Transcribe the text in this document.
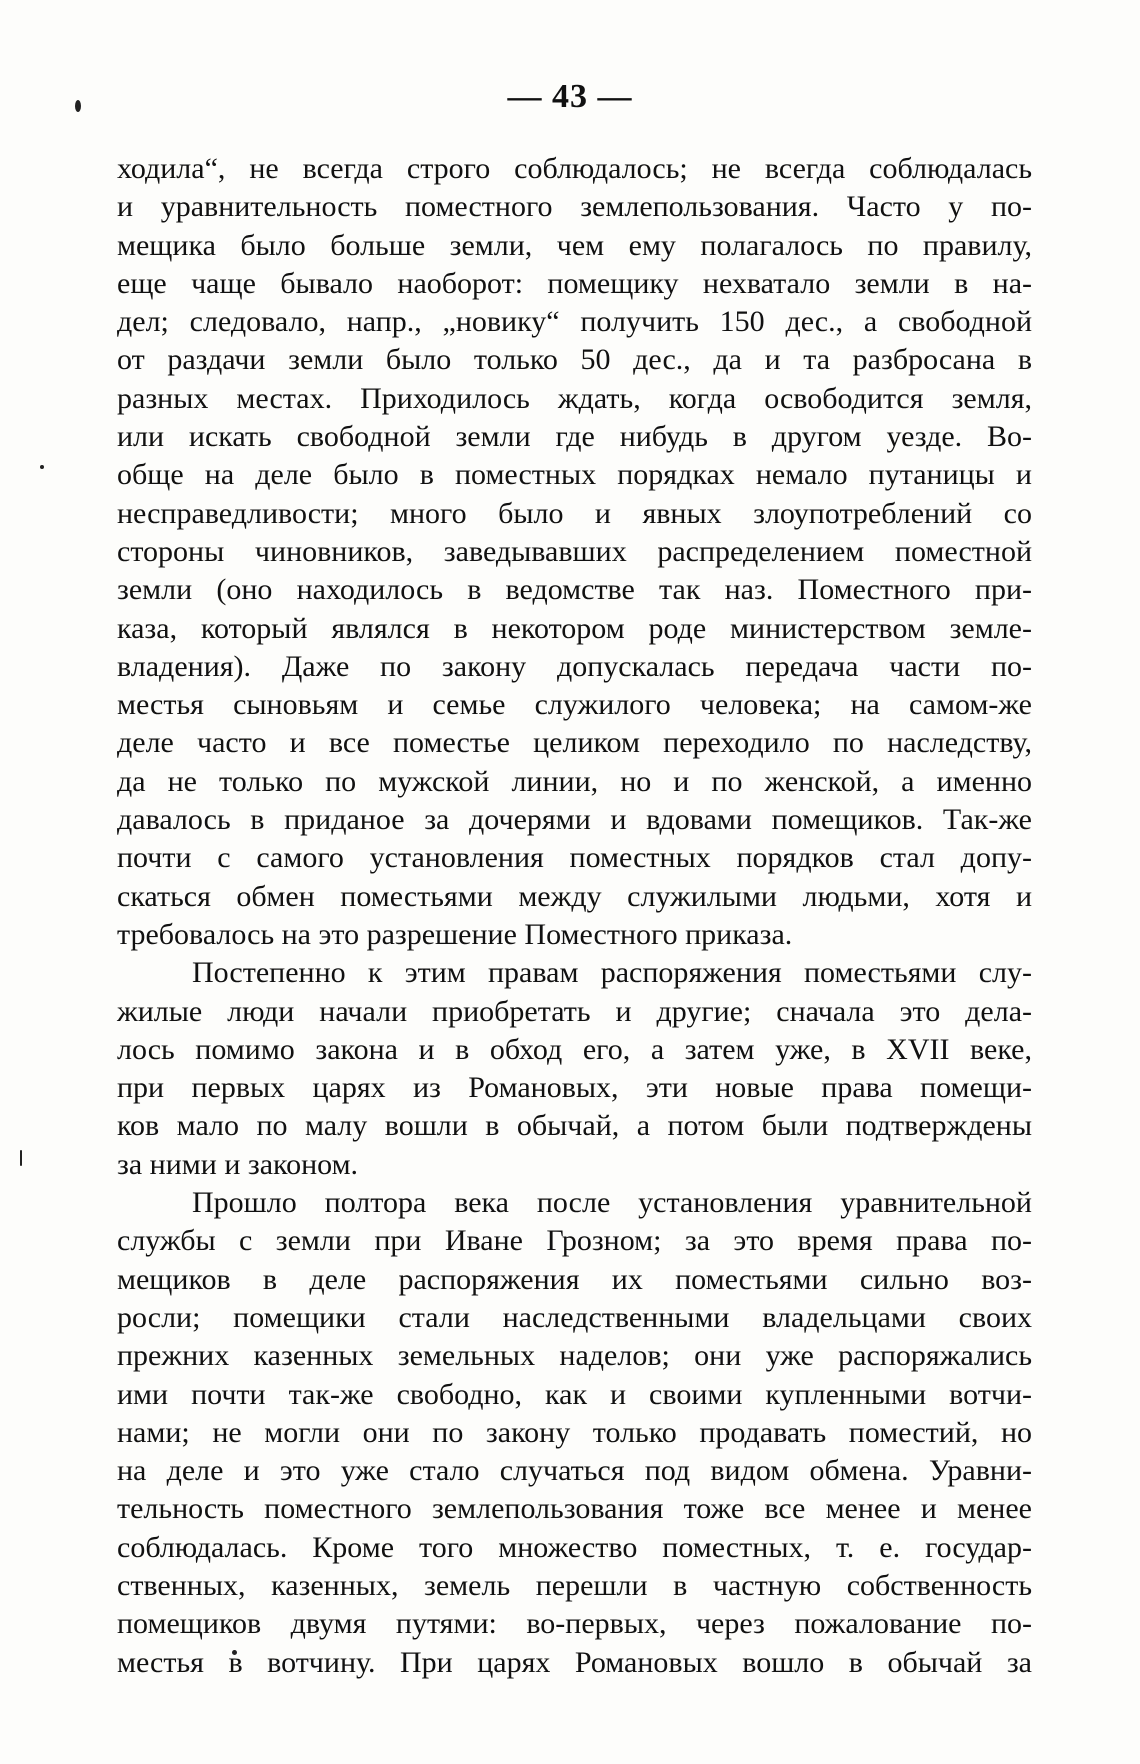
— 43 —
ходила“, не всегда строго соблюдалось; не всегда соблюдалась
и уравнительность поместного землепользования. Часто у по-
мещика было больше земли, чем ему полагалось по правилу,
еще чаще бывало наоборот: помещику нехватало земли в на-
дел; следовало, напр., „новику“ получить 150 дес., а свободной
от раздачи земли было только 50 дес., да и та разбросана в
разных местах. Приходилось ждать, когда освободится земля,
или искать свободной земли где нибудь в другом уезде. Во-
обще на деле было в поместных порядках немало путаницы и
несправедливости; много было и явных злоупотреблений со
стороны чиновников, заведывавших распределением поместной
земли (оно находилось в ведомстве так наз. Поместного при-
каза, который являлся в некотором роде министерством земле-
владения). Даже по закону допускалась передача части по-
местья сыновьям и семье служилого человека; на самом-же
деле часто и все поместье целиком переходило по наследству,
да не только по мужской линии, но и по женской, а именно
давалось в приданое за дочерями и вдовами помещиков. Так-же
почти с самого установления поместных порядков стал допу-
скаться обмен поместьями между служилыми людьми, хотя и
требовалось на это разрешение Поместного приказа.
Постепенно к этим правам распоряжения поместьями слу-
жилые люди начали приобретать и другие; сначала это дела-
лось помимо закона и в обход его, а затем уже, в XVII веке,
при первых царях из Романовых, эти новые права помещи-
ков мало по малу вошли в обычай, а потом были подтверждены
за ними и законом.
Прошло полтора века после установления уравнительной
службы с земли при Иване Грозном; за это время права по-
мещиков в деле распоряжения их поместьями сильно воз-
росли; помещики стали наследственными владельцами своих
прежних казенных земельных наделов; они уже распоряжались
ими почти так-же свободно, как и своими купленными вотчи-
нами; не могли они по закону только продавать поместий, но
на деле и это уже стало случаться под видом обмена. Уравни-
тельность поместного землепользования тоже все менее и менее
соблюдалась. Кроме того множество поместных, т. е. государ-
ственных, казенных, земель перешли в частную собственность
помещиков двумя путями: во-первых, через пожалование по-
местья в вотчину. При царях Романовых вошло в обычай за
